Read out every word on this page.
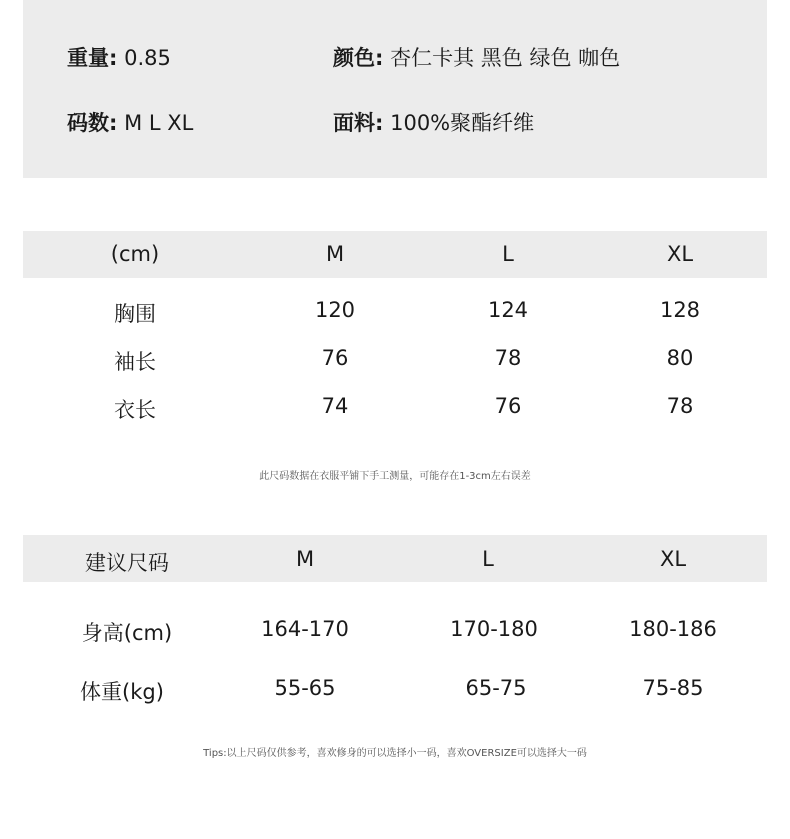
重量: 0.85	颜色: 杏仁卡其 黑色 绿色 咖色
码数: M L XL	面料: 100%聚酯纤维
(cm)	M	L	XL
胸围	120	124	128
袖长	76	78	80
衣长	74	76	78
此尺码数据在衣服平铺下手工测量，可能存在1-3cm左右误差
建议尺码	M	L	XL
身高(cm)	164-170	170-180	180-186
体重(kg)	55-65	65-75	75-85
Tips:以上尺码仅供参考，喜欢修身的可以选择小一码，喜欢OVERSIZE可以选择大一码
